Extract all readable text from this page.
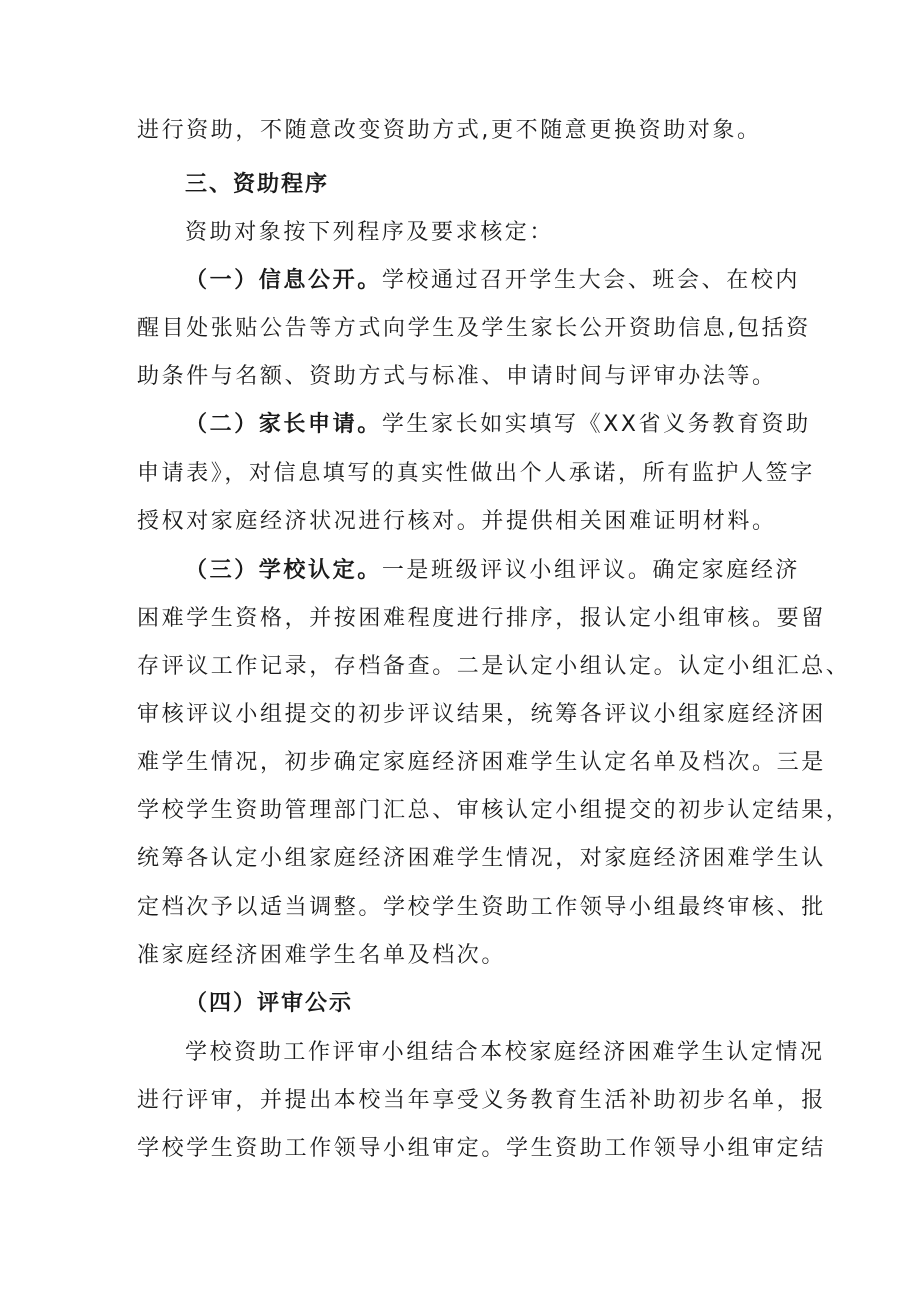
进行资助，不随意改变资助方式,更不随意更换资助对象。
三、资助程序
资助对象按下列程序及要求核定：
（一）信息公开。学校通过召开学生大会、班会、在校内
醒目处张贴公告等方式向学生及学生家长公开资助信息,包括资
助条件与名额、资助方式与标准、申请时间与评审办法等。
（二）家长申请。学生家长如实填写《XX省义务教育资助
申请表》，对信息填写的真实性做出个人承诺，所有监护人签字
授权对家庭经济状况进行核对。并提供相关困难证明材料。
（三）学校认定。一是班级评议小组评议。确定家庭经济
困难学生资格，并按困难程度进行排序，报认定小组审核。要留
存评议工作记录，存档备查。二是认定小组认定。认定小组汇总、
审核评议小组提交的初步评议结果，统筹各评议小组家庭经济困
难学生情况，初步确定家庭经济困难学生认定名单及档次。三是
学校学生资助管理部门汇总、审核认定小组提交的初步认定结果，
统筹各认定小组家庭经济困难学生情况，对家庭经济困难学生认
定档次予以适当调整。学校学生资助工作领导小组最终审核、批
准家庭经济困难学生名单及档次。
（四）评审公示
学校资助工作评审小组结合本校家庭经济困难学生认定情况
进行评审，并提出本校当年享受义务教育生活补助初步名单，报
学校学生资助工作领导小组审定。学生资助工作领导小组审定结
